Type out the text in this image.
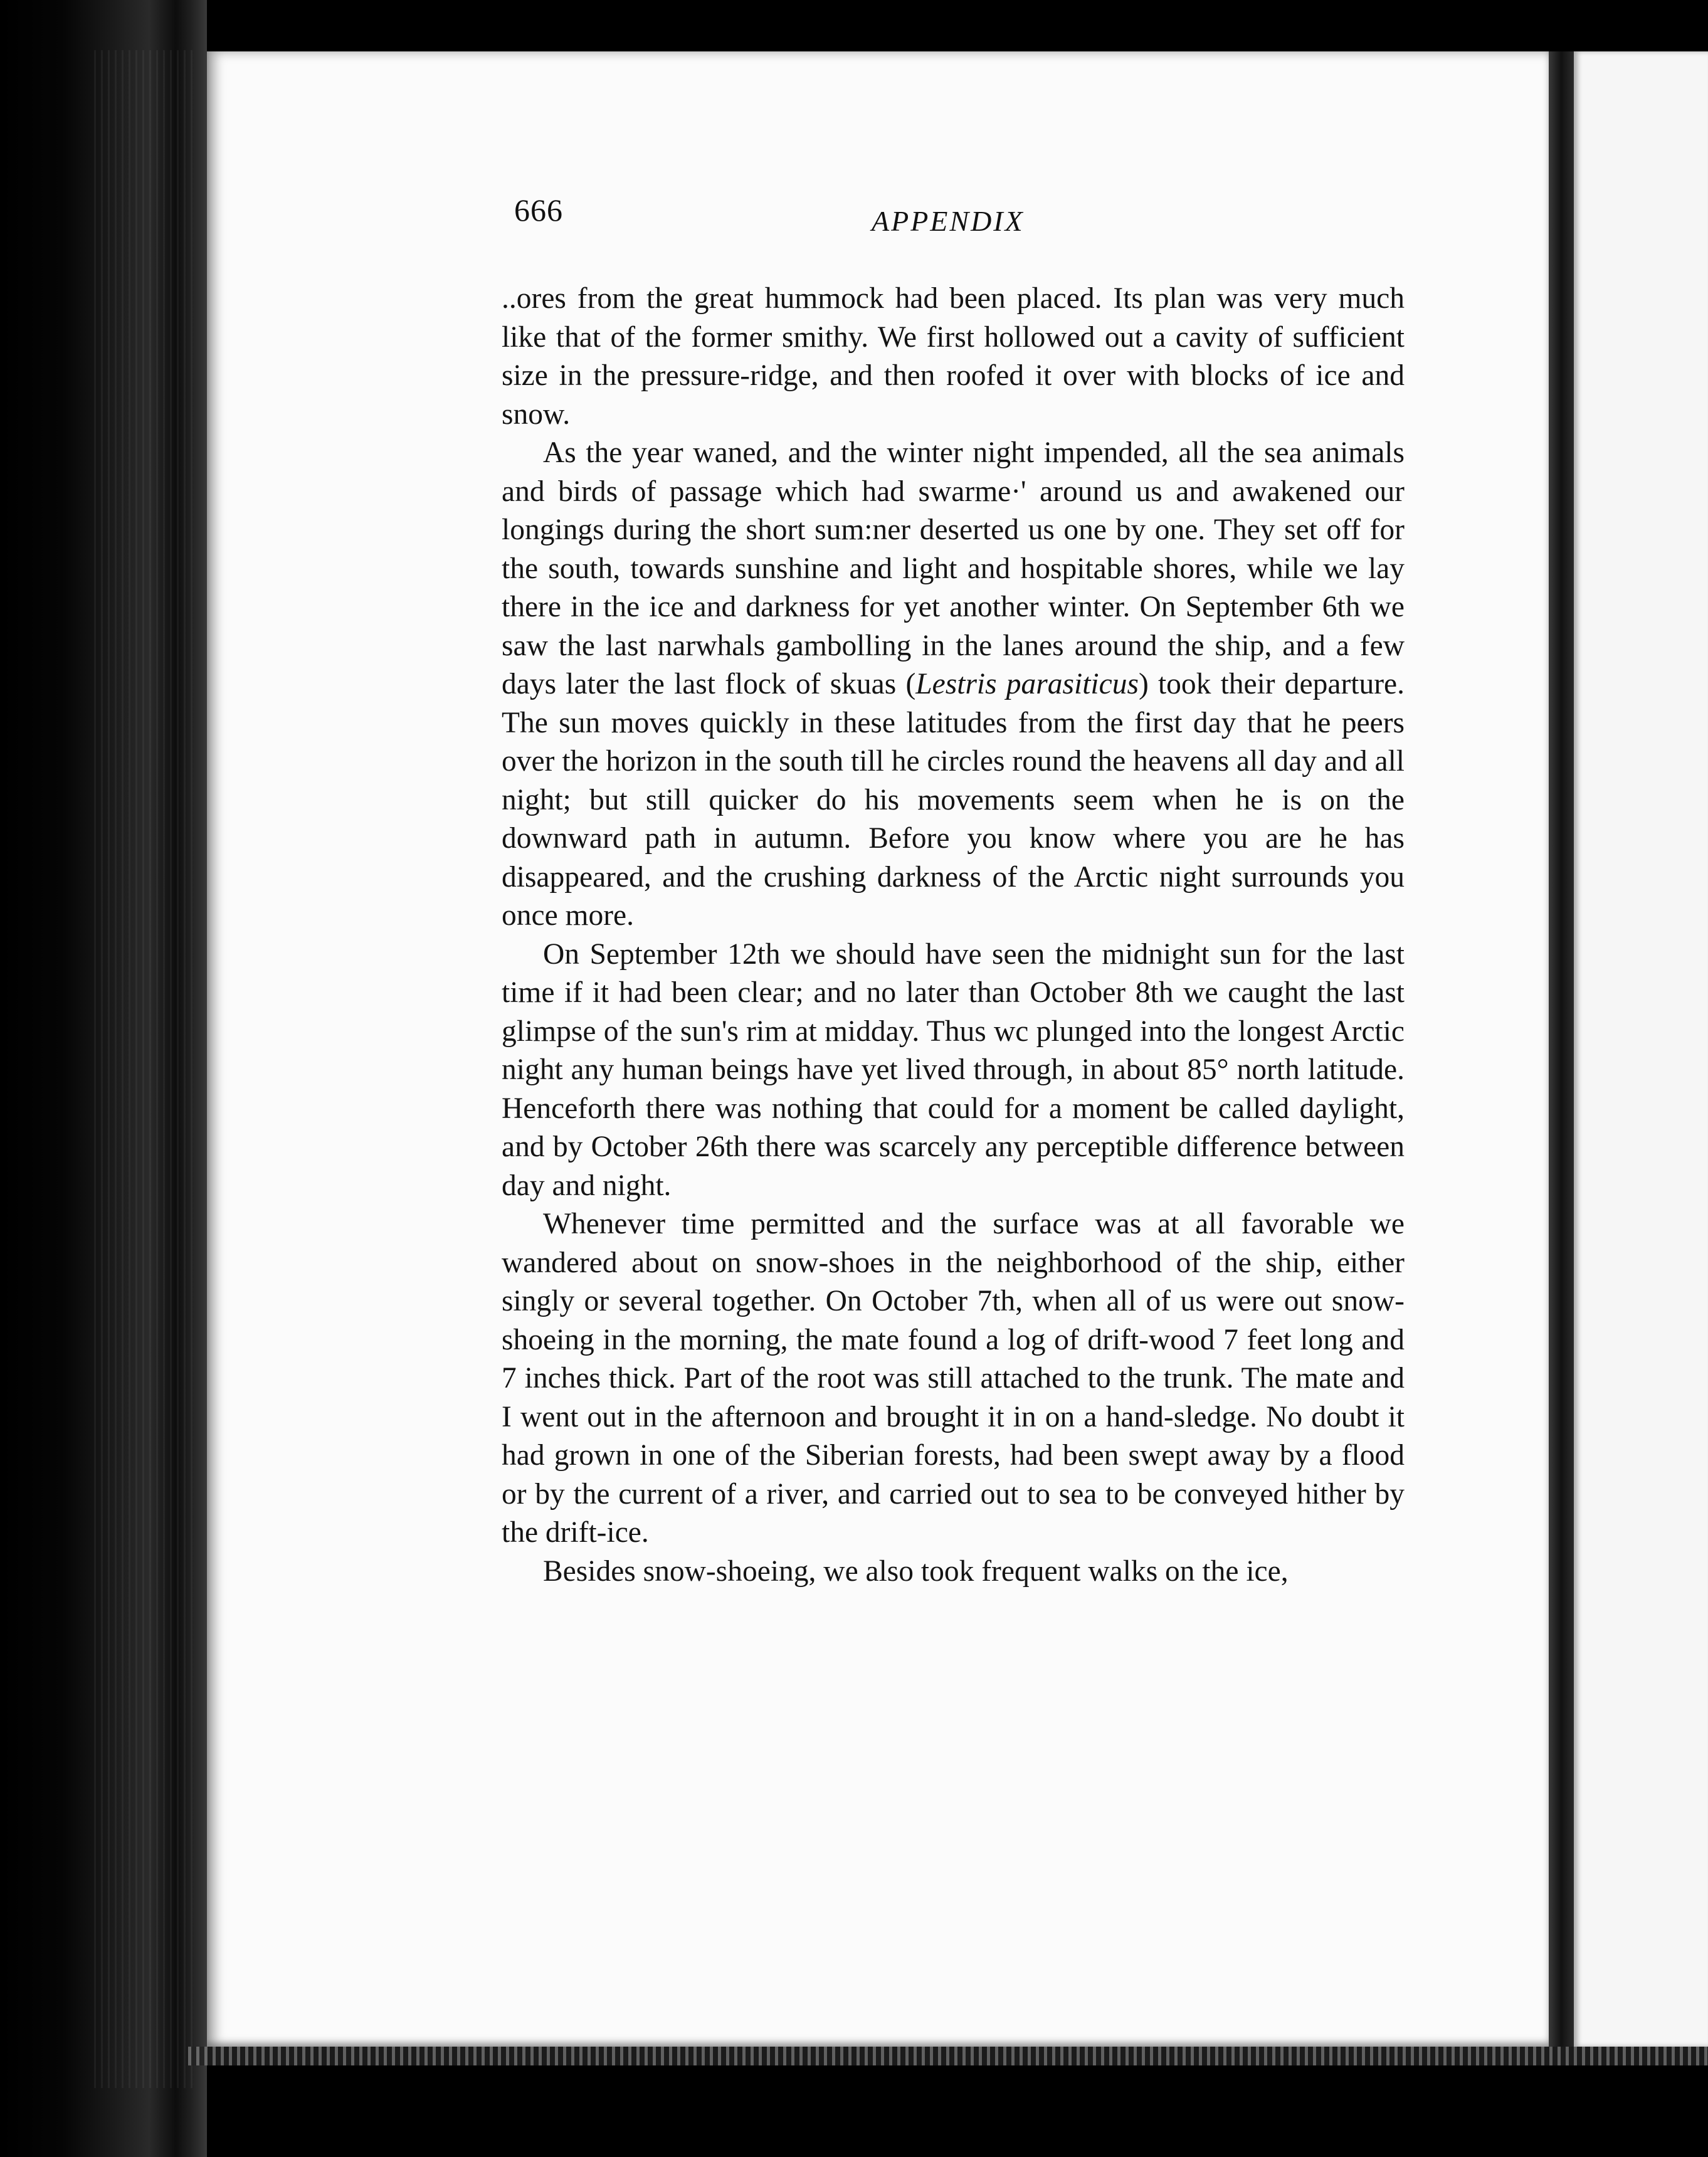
666	APPENDIX

..ores from the great hummock had been placed. Its plan was very much like that of the former smithy. We first hollowed out a cavity of sufficient size in the pressure-ridge, and then roofed it over with blocks of ice and snow.

As the year waned, and the winter night impended, all the sea animals and birds of passage which had swarme·' around us and awakened our longings during the short sum:ner deserted us one by one. They set off for the south, towards sunshine and light and hospitable shores, while we lay there in the ice and darkness for yet another winter. On September 6th we saw the last narwhals gambolling in the lanes around the ship, and a few days later the last flock of skuas (Lestris parasiticus) took their departure. The sun moves quickly in these latitudes from the first day that he peers over the horizon in the south till he circles round the heavens all day and all night; but still quicker do his movements seem when he is on the downward path in autumn. Before you know where you are he has disappeared, and the crushing darkness of the Arctic night surrounds you once more.

On September 12th we should have seen the midnight sun for the last time if it had been clear; and no later than October 8th we caught the last glimpse of the sun's rim at midday. Thus wc plunged into the longest Arctic night any human beings have yet lived through, in about 85° north latitude. Henceforth there was nothing that could for a moment be called daylight, and by October 26th there was scarcely any perceptible difference between day and night.

Whenever time permitted and the surface was at all favorable we wandered about on snow-shoes in the neighborhood of the ship, either singly or several together. On October 7th, when all of us were out snow-shoeing in the morning, the mate found a log of drift-wood 7 feet long and 7 inches thick. Part of the root was still attached to the trunk. The mate and I went out in the afternoon and brought it in on a hand-sledge. No doubt it had grown in one of the Siberian forests, had been swept away by a flood or by the current of a river, and carried out to sea to be conveyed hither by the drift-ice.

Besides snow-shoeing, we also took frequent walks on the ice,
